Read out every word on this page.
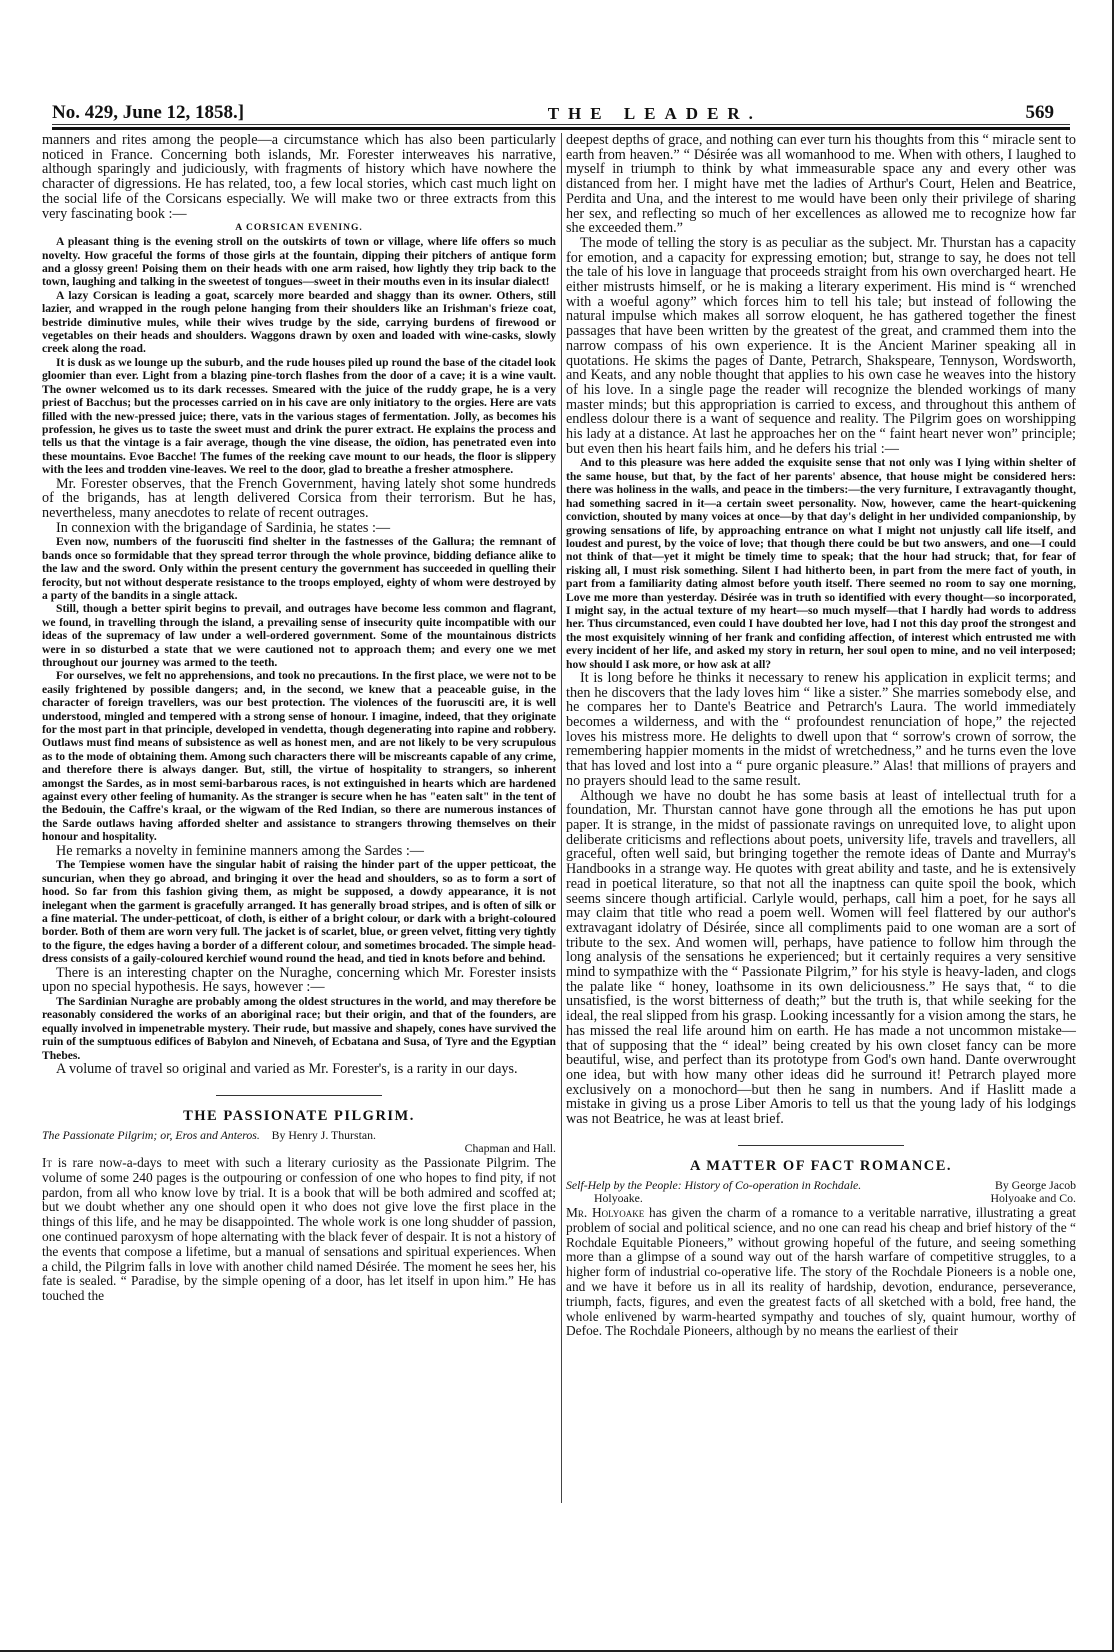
No. 429, June 12, 1858.]	THE LEADER.	569

manners and rites among the people—a circumstance which has also been particularly noticed in France. Concerning both islands, Mr. Forester interweaves his narrative, although sparingly and judiciously, with fragments of history which have nowhere the character of digressions. He has related, too, a few local stories, which cast much light on the social life of the Corsicans especially. We will make two or three extracts from this very fascinating book :—

A CORSICAN EVENING.

A pleasant thing is the evening stroll on the outskirts of town or village, where life offers so much novelty. How graceful the forms of those girls at the fountain, dipping their pitchers of antique form and a glossy green! Poising them on their heads with one arm raised, how lightly they trip back to the town, laughing and talking in the sweetest of tongues—sweet in their mouths even in its insular dialect!

A lazy Corsican is leading a goat, scarcely more bearded and shaggy than its owner. Others, still lazier, and wrapped in the rough pelone hanging from their shoulders like an Irishman's frieze coat, bestride diminutive mules, while their wives trudge by the side, carrying burdens of firewood or vegetables on their heads and shoulders. Waggons drawn by oxen and loaded with wine-casks, slowly creek along the road.

It is dusk as we lounge up the suburb, and the rude houses piled up round the base of the citadel look gloomier than ever. Light from a blazing pine-torch flashes from the door of a cave; it is a wine vault. The owner welcomed us to its dark recesses. Smeared with the juice of the ruddy grape, he is a very priest of Bacchus; but the processes carried on in his cave are only initiatory to the orgies. Here are vats filled with the new-pressed juice; there, vats in the various stages of fermentation. Jolly, as becomes his profession, he gives us to taste the sweet must and drink the purer extract. He explains the process and tells us that the vintage is a fair average, though the vine disease, the oïdion, has penetrated even into these mountains. Evoe Bacche! The fumes of the reeking cave mount to our heads, the floor is slippery with the lees and trodden vine-leaves. We reel to the door, glad to breathe a fresher atmosphere.

Mr. Forester observes, that the French Government, having lately shot some hundreds of the brigands, has at length delivered Corsica from their terrorism. But he has, nevertheless, many anecdotes to relate of recent outrages.

In connexion with the brigandage of Sardinia, he states :—

Even now, numbers of the fuorusciti find shelter in the fastnesses of the Gallura; the remnant of bands once so formidable that they spread terror through the whole province, bidding defiance alike to the law and the sword. Only within the present century the government has succeeded in quelling their ferocity, but not without desperate resistance to the troops employed, eighty of whom were destroyed by a party of the bandits in a single attack.

Still, though a better spirit begins to prevail, and outrages have become less common and flagrant, we found, in travelling through the island, a prevailing sense of insecurity quite incompatible with our ideas of the supremacy of law under a well-ordered government. Some of the mountainous districts were in so disturbed a state that we were cautioned not to approach them; and every one we met throughout our journey was armed to the teeth.

For ourselves, we felt no apprehensions, and took no precautions. In the first place, we were not to be easily frightened by possible dangers; and, in the second, we knew that a peaceable guise, in the character of foreign travellers, was our best protection. The violences of the fuorusciti are, it is well understood, mingled and tempered with a strong sense of honour. I imagine, indeed, that they originate for the most part in that principle, developed in vendetta, though degenerating into rapine and robbery. Outlaws must find means of subsistence as well as honest men, and are not likely to be very scrupulous as to the mode of obtaining them. Among such characters there will be miscreants capable of any crime, and therefore there is always danger. But, still, the virtue of hospitality to strangers, so inherent amongst the Sardes, as in most semi-barbarous races, is not extinguished in hearts which are hardened against every other feeling of humanity. As the stranger is secure when he has "eaten salt" in the tent of the Bedouin, the Caffre's kraal, or the wigwam of the Red Indian, so there are numerous instances of the Sarde outlaws having afforded shelter and assistance to strangers throwing themselves on their honour and hospitality.

He remarks a novelty in feminine manners among the Sardes :—

The Tempiese women have the singular habit of raising the hinder part of the upper petticoat, the suncurian, when they go abroad, and bringing it over the head and shoulders, so as to form a sort of hood. So far from this fashion giving them, as might be supposed, a dowdy appearance, it is not inelegant when the garment is gracefully arranged. It has generally broad stripes, and is often of silk or a fine material. The under-petticoat, of cloth, is either of a bright colour, or dark with a bright-coloured border. Both of them are worn very full. The jacket is of scarlet, blue, or green velvet, fitting very tightly to the figure, the edges having a border of a different colour, and sometimes brocaded. The simple head-dress consists of a gaily-coloured kerchief wound round the head, and tied in knots before and behind.

There is an interesting chapter on the Nuraghe, concerning which Mr. Forester insists upon no special hypothesis. He says, however :—

The Sardinian Nuraghe are probably among the oldest structures in the world, and may therefore be reasonably considered the works of an aboriginal race; but their origin, and that of the founders, are equally involved in impenetrable mystery. Their rude, but massive and shapely, cones have survived the ruin of the sumptuous edifices of Babylon and Nineveh, of Ecbatana and Susa, of Tyre and the Egyptian Thebes.

A volume of travel so original and varied as Mr. Forester's, is a rarity in our days.

THE PASSIONATE PILGRIM.
The Passionate Pilgrim; or, Eros and Anteros. By Henry J. Thurstan.
Chapman and Hall.

It is rare now-a-days to meet with such a literary curiosity as the Passionate Pilgrim. The volume of some 240 pages is the outpouring or confession of one who hopes to find pity, if not pardon, from all who know love by trial. It is a book that will be both admired and scoffed at; but we doubt whether any one should open it who does not give love the first place in the things of this life, and he may be disappointed. The whole work is one long shudder of passion, one continued paroxysm of hope alternating with the black fever of despair. It is not a history of the events that compose a lifetime, but a manual of sensations and spiritual experiences. When a child, the Pilgrim falls in love with another child named Désirée. The moment he sees her, his fate is sealed. “ Paradise, by the simple opening of a door, has let itself in upon him.” He has touched the

deepest depths of grace, and nothing can ever turn his thoughts from this “ miracle sent to earth from heaven.” “ Désirée was all womanhood to me. When with others, I laughed to myself in triumph to think by what immeasurable space any and every other was distanced from her. I might have met the ladies of Arthur's Court, Helen and Beatrice, Perdita and Una, and the interest to me would have been only their privilege of sharing her sex, and reflecting so much of her excellences as allowed me to recognize how far she exceeded them.”

The mode of telling the story is as peculiar as the subject. Mr. Thurstan has a capacity for emotion, and a capacity for expressing emotion; but, strange to say, he does not tell the tale of his love in language that proceeds straight from his own overcharged heart. He either mistrusts himself, or he is making a literary experiment. His mind is “ wrenched with a woeful agony” which forces him to tell his tale; but instead of following the natural impulse which makes all sorrow eloquent, he has gathered together the finest passages that have been written by the greatest of the great, and crammed them into the narrow compass of his own experience. It is the Ancient Mariner speaking all in quotations. He skims the pages of Dante, Petrarch, Shakspeare, Tennyson, Wordsworth, and Keats, and any noble thought that applies to his own case he weaves into the history of his love. In a single page the reader will recognize the blended workings of many master minds; but this appropriation is carried to excess, and throughout this anthem of endless dolour there is a want of sequence and reality. The Pilgrim goes on worshipping his lady at a distance. At last he approaches her on the “ faint heart never won” principle; but even then his heart fails him, and he defers his trial :—

And to this pleasure was here added the exquisite sense that not only was I lying within shelter of the same house, but that, by the fact of her parents' absence, that house might be considered hers: there was holiness in the walls, and peace in the timbers:—the very furniture, I extravagantly thought, had something sacred in it—a certain sweet personality. Now, however, came the heart-quickening conviction, shouted by many voices at once—by that day's delight in her undivided companionship, by growing sensations of life, by approaching entrance on what I might not unjustly call life itself, and loudest and purest, by the voice of love; that though there could be but two answers, and one—I could not think of that—yet it might be timely time to speak; that the hour had struck; that, for fear of risking all, I must risk something. Silent I had hitherto been, in part from the mere fact of youth, in part from a familiarity dating almost before youth itself. There seemed no room to say one morning, Love me more than yesterday. Désirée was in truth so identified with every thought—so incorporated, I might say, in the actual texture of my heart—so much myself—that I hardly had words to address her. Thus circumstanced, even could I have doubted her love, had I not this day proof the strongest and the most exquisitely winning of her frank and confiding affection, of interest which entrusted me with every incident of her life, and asked my story in return, her soul open to mine, and no veil interposed; how should I ask more, or how ask at all?

It is long before he thinks it necessary to renew his application in explicit terms; and then he discovers that the lady loves him “ like a sister.” She marries somebody else, and he compares her to Dante's Beatrice and Petrarch's Laura. The world immediately becomes a wilderness, and with the “ profoundest renunciation of hope,” the rejected loves his mistress more. He delights to dwell upon that “ sorrow's crown of sorrow, the remembering happier moments in the midst of wretchedness,” and he turns even the love that has loved and lost into a “ pure organic pleasure.” Alas! that millions of prayers and no prayers should lead to the same result.

Although we have no doubt he has some basis at least of intellectual truth for a foundation, Mr. Thurstan cannot have gone through all the emotions he has put upon paper. It is strange, in the midst of passionate ravings on unrequited love, to alight upon deliberate criticisms and reflections about poets, university life, travels and travellers, all graceful, often well said, but bringing together the remote ideas of Dante and Murray's Handbooks in a strange way. He quotes with great ability and taste, and he is extensively read in poetical literature, so that not all the inaptness can quite spoil the book, which seems sincere though artificial. Carlyle would, perhaps, call him a poet, for he says all may claim that title who read a poem well. Women will feel flattered by our author's extravagant idolatry of Désirée, since all compliments paid to one woman are a sort of tribute to the sex. And women will, perhaps, have patience to follow him through the long analysis of the sensations he experienced; but it certainly requires a very sensitive mind to sympathize with the “ Passionate Pilgrim,” for his style is heavy-laden, and clogs the palate like “ honey, loathsome in its own deliciousness.” He says that, “ to die unsatisfied, is the worst bitterness of death;” but the truth is, that while seeking for the ideal, the real slipped from his grasp. Looking incessantly for a vision among the stars, he has missed the real life around him on earth. He has made a not uncommon mistake—that of supposing that the “ ideal” being created by his own closet fancy can be more beautiful, wise, and perfect than its prototype from God's own hand. Dante overwrought one idea, but with how many other ideas did he surround it! Petrarch played more exclusively on a monochord—but then he sang in numbers. And if Haslitt made a mistake in giving us a prose Liber Amoris to tell us that the young lady of his lodgings was not Beatrice, he was at least brief.

A MATTER OF FACT ROMANCE.
Self-Help by the People: History of Co-operation in Rochdale.	By George Jacob
Holyoake.	Holyoake and Co.

Mr. Holyoake has given the charm of a romance to a veritable narrative, illustrating a great problem of social and political science, and no one can read his cheap and brief history of the “ Rochdale Equitable Pioneers,” without growing hopeful of the future, and seeing something more than a glimpse of a sound way out of the harsh warfare of competitive struggles, to a higher form of industrial co-operative life. The story of the Rochdale Pioneers is a noble one, and we have it before us in all its reality of hardship, devotion, endurance, perseverance, triumph, facts, figures, and even the greatest facts of all sketched with a bold, free hand, the whole enlivened by warm-hearted sympathy and touches of sly, quaint humour, worthy of Defoe. The Rochdale Pioneers, although by no means the earliest of their
